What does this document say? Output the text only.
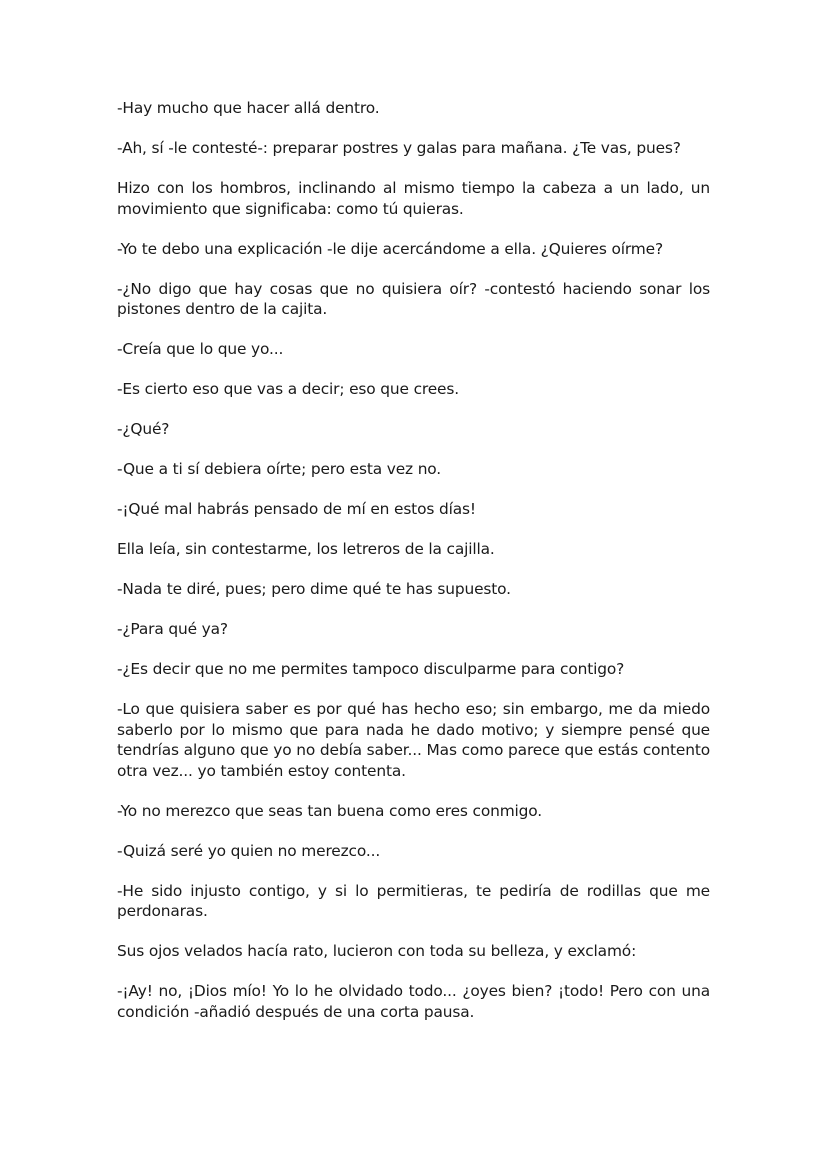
-Hay mucho que hacer allá dentro.

-Ah, sí -le contesté-: preparar postres y galas para mañana. ¿Te vas, pues?

Hizo con los hombros, inclinando al mismo tiempo la cabeza a un lado, un movimiento que significaba: como tú quieras.

-Yo te debo una explicación -le dije acercándome a ella. ¿Quieres oírme?

-¿No digo que hay cosas que no quisiera oír? -contestó haciendo sonar los pistones dentro de la cajita.

-Creía que lo que yo...

-Es cierto eso que vas a decir; eso que crees.

-¿Qué?

-Que a ti sí debiera oírte; pero esta vez no.

-¡Qué mal habrás pensado de mí en estos días!

Ella leía, sin contestarme, los letreros de la cajilla.

-Nada te diré, pues; pero dime qué te has supuesto.

-¿Para qué ya?

-¿Es decir que no me permites tampoco disculparme para contigo?

-Lo que quisiera saber es por qué has hecho eso; sin embargo, me da miedo saberlo por lo mismo que para nada he dado motivo; y siempre pensé que tendrías alguno que yo no debía saber... Mas como parece que estás contento otra vez... yo también estoy contenta.

-Yo no merezco que seas tan buena como eres conmigo.

-Quizá seré yo quien no merezco...

-He sido injusto contigo, y si lo permitieras, te pediría de rodillas que me perdonaras.

Sus ojos velados hacía rato, lucieron con toda su belleza, y exclamó:

-¡Ay! no, ¡Dios mío! Yo lo he olvidado todo... ¿oyes bien? ¡todo! Pero con una condición -añadió después de una corta pausa.
